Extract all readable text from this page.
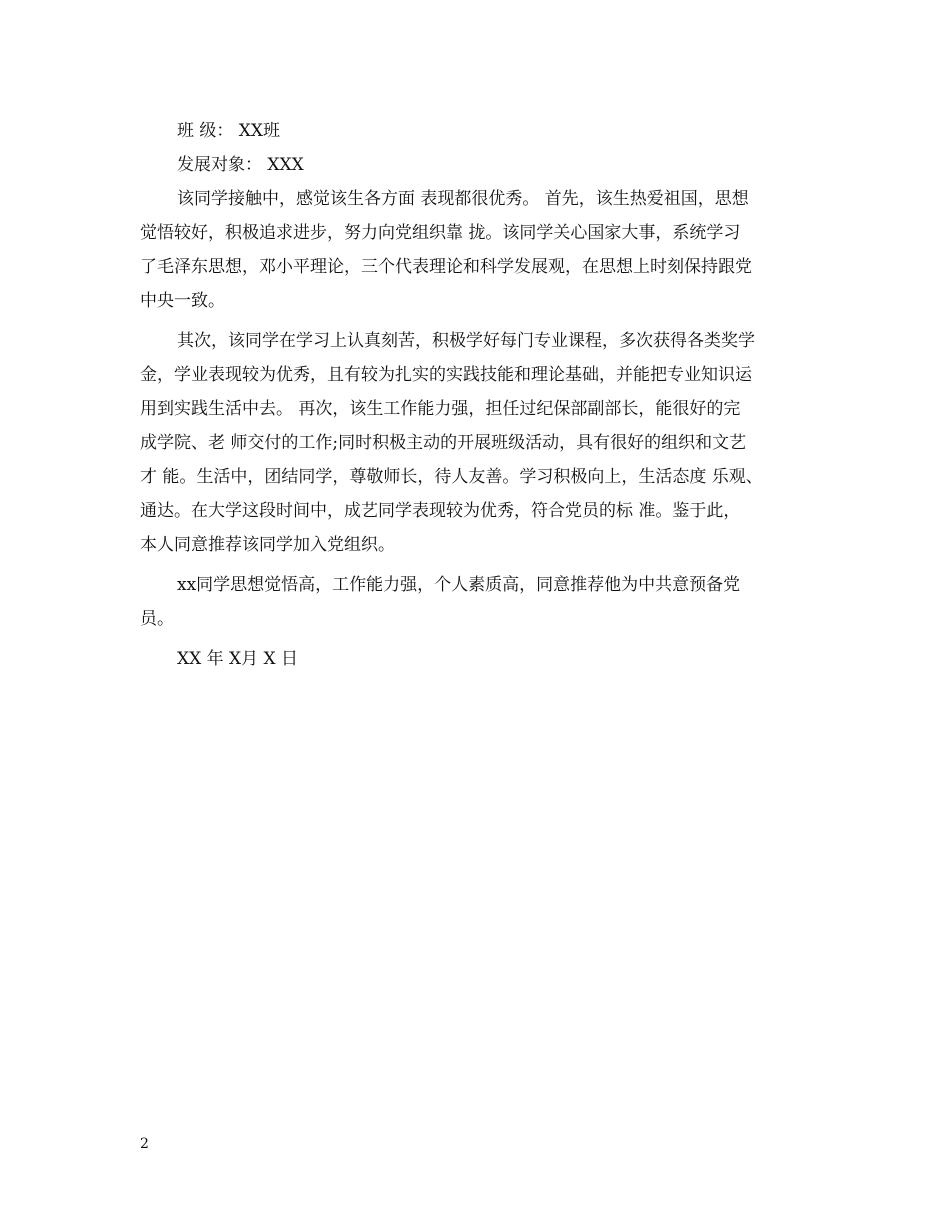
班 级： XX班
发展对象： XXX
该同学接触中，感觉该生各方面 表现都很优秀。 首先，该生热爱祖国，思想
觉悟较好，积极追求进步，努力向党组织靠 拢。该同学关心国家大事，系统学习
了毛泽东思想，邓小平理论，三个代表理论和科学发展观，在思想上时刻保持跟党
中央一致。
其次，该同学在学习上认真刻苦，积极学好每门专业课程，多次获得各类奖学
金，学业表现较为优秀，且有较为扎实的实践技能和理论基础，并能把专业知识运
用到实践生活中去。 再次，该生工作能力强，担任过纪保部副部长，能很好的完
成学院、老 师交付的工作;同时积极主动的开展班级活动，具有很好的组织和文艺
才 能。生活中，团结同学，尊敬师长，待人友善。学习积极向上，生活态度 乐观、
通达。在大学这段时间中，成艺同学表现较为优秀，符合党员的标 准。鉴于此，
本人同意推荐该同学加入党组织。
xx同学思想觉悟高，工作能力强，个人素质高，同意推荐他为中共意预备党
员。
XX 年 X月 X 日
2
